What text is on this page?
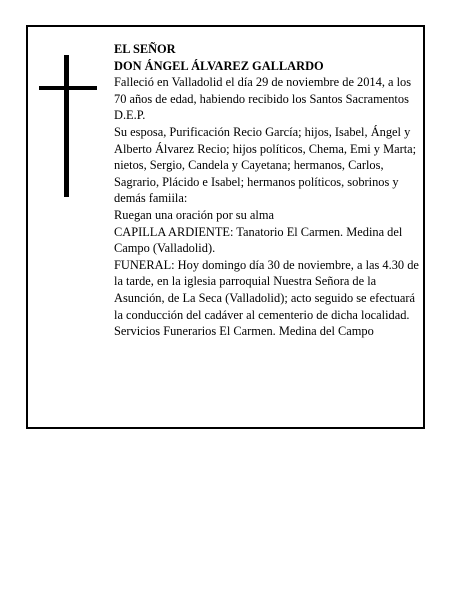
EL SEÑOR

DON ÁNGEL ÁLVAREZ GALLARDO

Falleció en Valladolid el día 29 de noviembre de 2014, a los 70 años de edad, habiendo recibido los Santos Sacramentos

D.E.P.

Su esposa, Purificación Recio García; hijos, Isabel, Ángel y Alberto Álvarez Recio; hijos políticos, Chema, Emi y Marta; nietos, Sergio, Candela y Cayetana; hermanos, Carlos, Sagrario, Plácido e Isabel; hermanos políticos, sobrinos y demás famiila:

Ruegan una oración por su alma

CAPILLA ARDIENTE: Tanatorio El Carmen. Medina del Campo (Valladolid).

FUNERAL: Hoy domingo día 30 de noviembre, a las 4.30 de la tarde, en la iglesia parroquial Nuestra Señora de la Asunción, de La Seca (Valladolid); acto seguido se efectuará la conducción del cadáver al cementerio de dicha localidad.

Servicios Funerarios El Carmen. Medina del Campo
